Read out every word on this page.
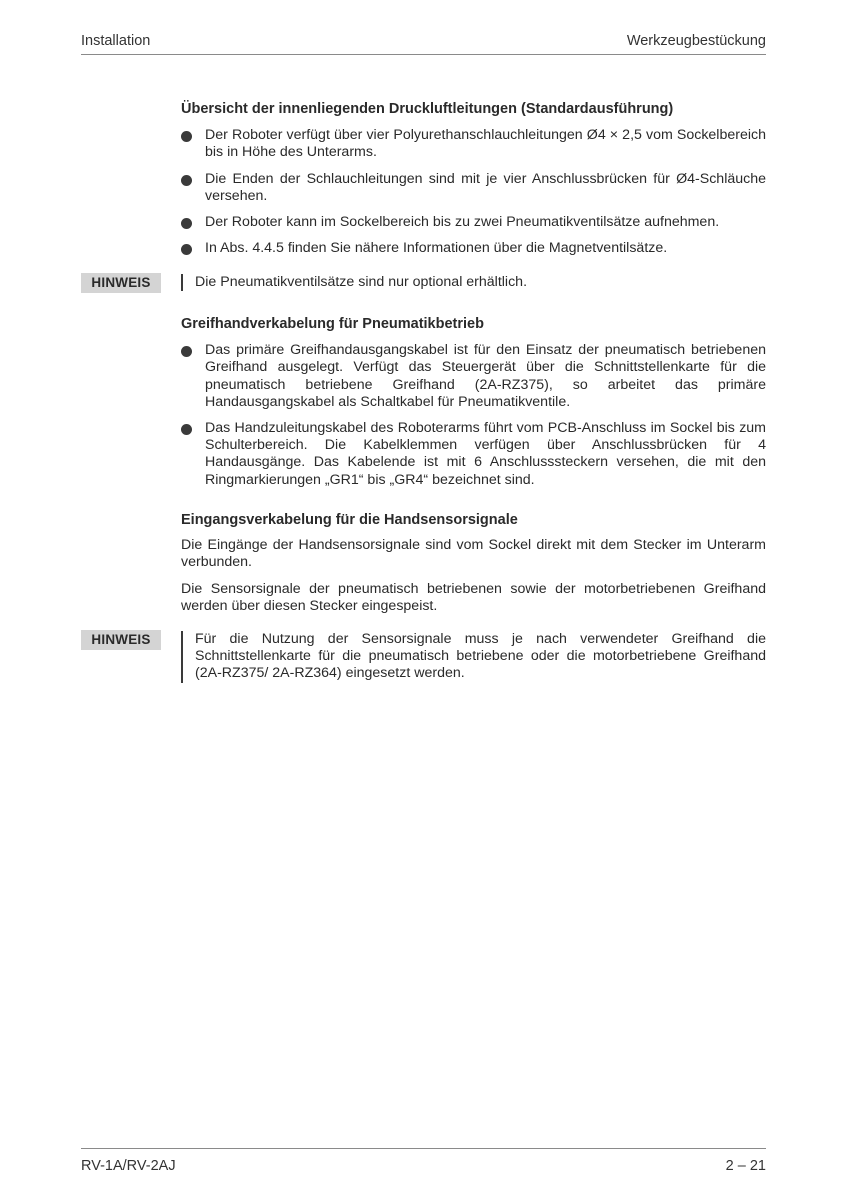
Installation	Werkzeugbestückung
Übersicht der innenliegenden Druckluftleitungen (Standardausführung)
Der Roboter verfügt über vier Polyurethanschlauchleitungen Ø4 × 2,5 vom Sockelbereich bis in Höhe des Unterarms.
Die Enden der Schlauchleitungen sind mit je vier Anschlussbrücken für Ø4-Schläuche versehen.
Der Roboter kann im Sockelbereich bis zu zwei Pneumatikventilsätze aufnehmen.
In Abs. 4.4.5 finden Sie nähere Informationen über die Magnetventilsätze.
HINWEIS	Die Pneumatikventilsätze sind nur optional erhältlich.
Greifhandverkabelung für Pneumatikbetrieb
Das primäre Greifhandausgangskabel ist für den Einsatz der pneumatisch betriebenen Greifhand ausgelegt. Verfügt das Steuergerät über die Schnittstellenkarte für die pneumatisch betriebene Greifhand (2A-RZ375), so arbeitet das primäre Handausgangskabel als Schaltkabel für Pneumatikventile.
Das Handzuleitungskabel des Roboterarms führt vom PCB-Anschluss im Sockel bis zum Schulterbereich. Die Kabelklemmen verfügen über Anschlussbrücken für 4 Handausgänge. Das Kabelende ist mit 6 Anschlusssteckern versehen, die mit den Ringmarkierungen „GR1“ bis „GR4“ bezeichnet sind.
Eingangsverkabelung für die Handsensorsignale
Die Eingänge der Handsensorsignale sind vom Sockel direkt mit dem Stecker im Unterarm verbunden.
Die Sensorsignale der pneumatisch betriebenen sowie der motorbetriebenen Greifhand werden über diesen Stecker eingespeist.
HINWEIS	Für die Nutzung der Sensorsignale muss je nach verwendeter Greifhand die Schnittstellenkarte für die pneumatisch betriebene oder die motorbetriebene Greifhand (2A-RZ375/ 2A-RZ364) eingesetzt werden.
RV-1A/RV-2AJ	2 – 21
